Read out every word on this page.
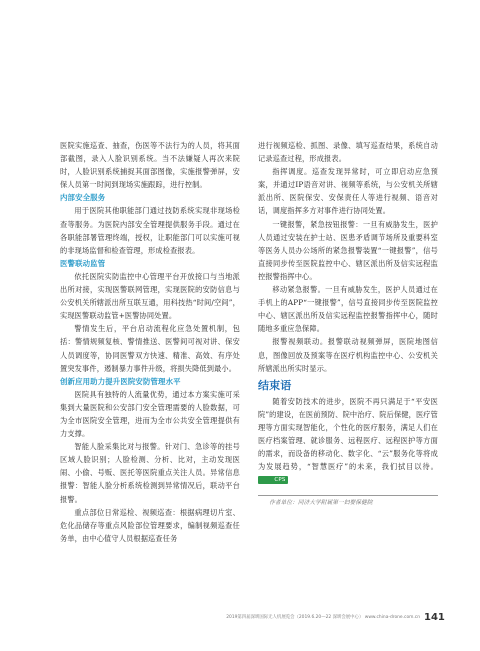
医院实施巡查、抽查，伤医等不法行为的人员，将其面部截图，录入人脸识别系统。当不法嫌疑人再次来院时，人脸识别系统捕捉其面部图像，实施报警弹屏，安保人员第一时间到现场实施跟踪，进行控制。

内部安全服务

用于医院其他职能部门通过技防系统实现非现场检查等服务。为医院内部安全管理提供服务手段。通过在各职能部署管理终端，授权，让职能部门可以实施可视的非现场监督和检查管理，形成检查报表。

医警联动监管

依托医院实防监控中心管理平台开放接口与当地派出所对接，实现医警联网管理，实现医院的安防信息与公安机关所辖派出所互联互通，用科技热“时间/空间”，实现医警联动监管+医警协同处置。

警情发生后，平台启动流程化应急处置机制，包括：警情规频复核、警情推送、医警间可视对讲、保安人员调度等，协同医警双方快速、精准、高效、有序处置突发事件，遏制暴力事件升级，将损失降低到最小。

创新应用助力提升医院安防管理水平

医院具有独特的人流量优势，通过本方案实施可采集到大量医院和公安部门安全管理需要的人脸数据，可为全市医院安全管理，进而为全市公共安全管理提供有力支撑。

智能人脸采集比对与报警。针对门、急诊等的挂号区域人脸识别；人脸检测、分析、比对，主动发现医闹、小偷、号贩、医托等医院重点关注人员。异常信息报警：智能人脸分析系统检测到异常情况后，联动平台报警。

重点部位日常巡检、视频巡查：根据病理切片室、危化品储存等重点风险部位管理要求，编制视频巡查任务单，由中心值守人员根据巡查任务

进行视频巡检、抓图、录像、填写巡查结果，系统自动记录巡查过程，形成报表。

指挥调度。巡查发现异常时，可立即启动应急预案，并通过IP语音对讲、视频等系统，与公安机关所辖派出所、医院保安、安保责任人等进行视频、语音对话，调度指挥多方对事件进行协同处置。

一键报警，紧急按钮报警：一旦有威胁发生，医护人员通过安装在护士站、医患矛盾调节场所及重要科室等医务人员办公场所的紧急报警装置“一键报警”，信号直接同步传至医院监控中心、辖区派出所及信实远程监控报警指挥中心。

移动紧急报警。一旦有威胁发生，医护人员通过在手机上的APP“一键报警”，信号直接同步传至医院监控中心、辖区派出所及信实远程监控报警指挥中心，随时随地多重应急保障。

报警视频联动。报警联动视频弹屏，医院地图信息，图像回放及预案等在医疗机构监控中心、公安机关所辖派出所实时显示。

结束语

随着安防技术的进步，医院不再只满足于“平安医院”的建设，在医前预防、院中治疗、院后保健，医疗管理等方面实现智能化，个性化的医疗服务，满足人们在医疗档案管理、就诊服务、远程医疗、远程医护等方面的需求，而设备的移动化、数字化、“云”服务化等将成为发展趋势，“智慧医疗”的未来，我们拭目以待。 CPS

作者单位：同济大学附属第一妇婴保健院

2019第四届深圳国际无人机展览会（2019.6.20—22 深圳会展中心） www.china-drone.com.cn 141
